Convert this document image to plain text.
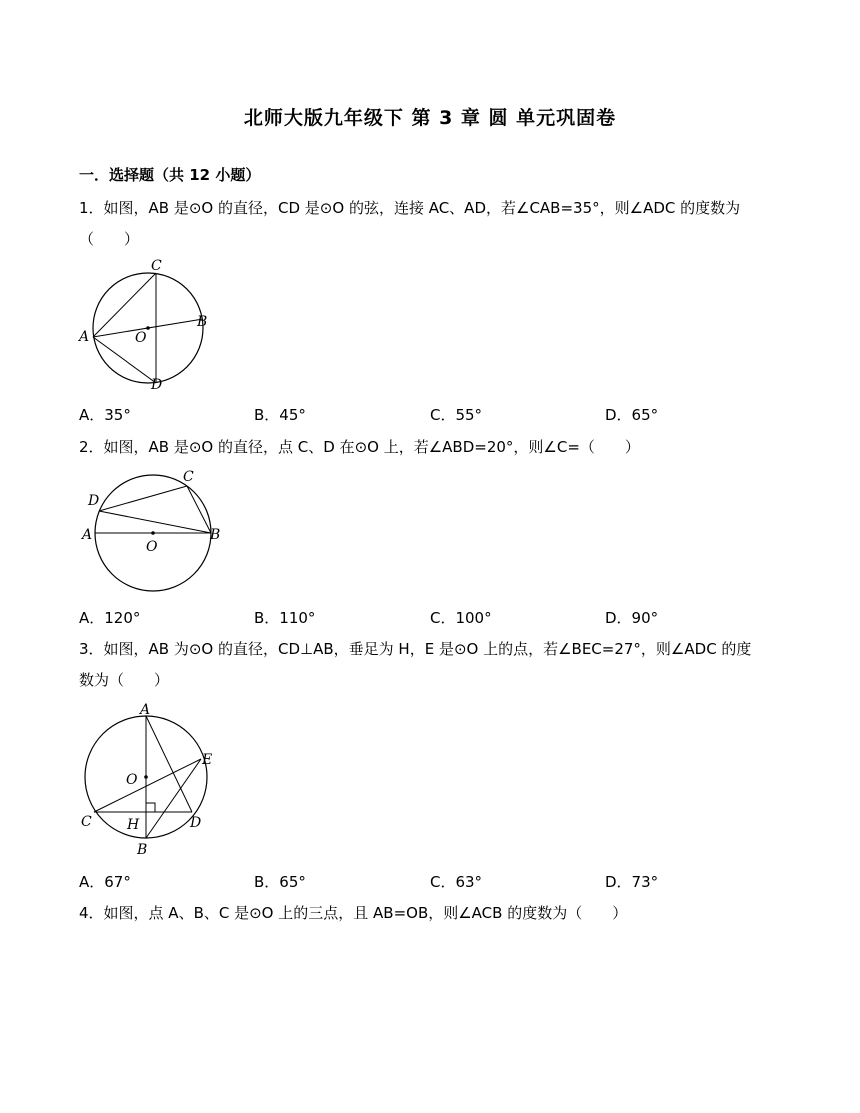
北师大版九年级下 第 3 章 圆 单元巩固卷
一．选择题（共 12 小题）
1．如图，AB 是⊙O 的直径，CD 是⊙O 的弦，连接 AC、AD，若∠CAB=35°，则∠ADC 的度数为
（　　）
C
B
A	O
D
A．35°	B．45°	C．55°	D．65°
2．如图，AB 是⊙O 的直径，点 C、D 在⊙O 上，若∠ABD=20°，则∠C=（　　）
C
D
A	B
O
A．120°	B．110°	C．100°	D．90°
3．如图，AB 为⊙O 的直径，CD⊥AB，垂足为 H，E 是⊙O 上的点，若∠BEC=27°，则∠ADC 的度
数为（　　）
A
E
O
C	H	D
B
A．67°	B．65°	C．63°	D．73°
4．如图，点 A、B、C 是⊙O 上的三点，且 AB=OB，则∠ACB 的度数为（　　）
